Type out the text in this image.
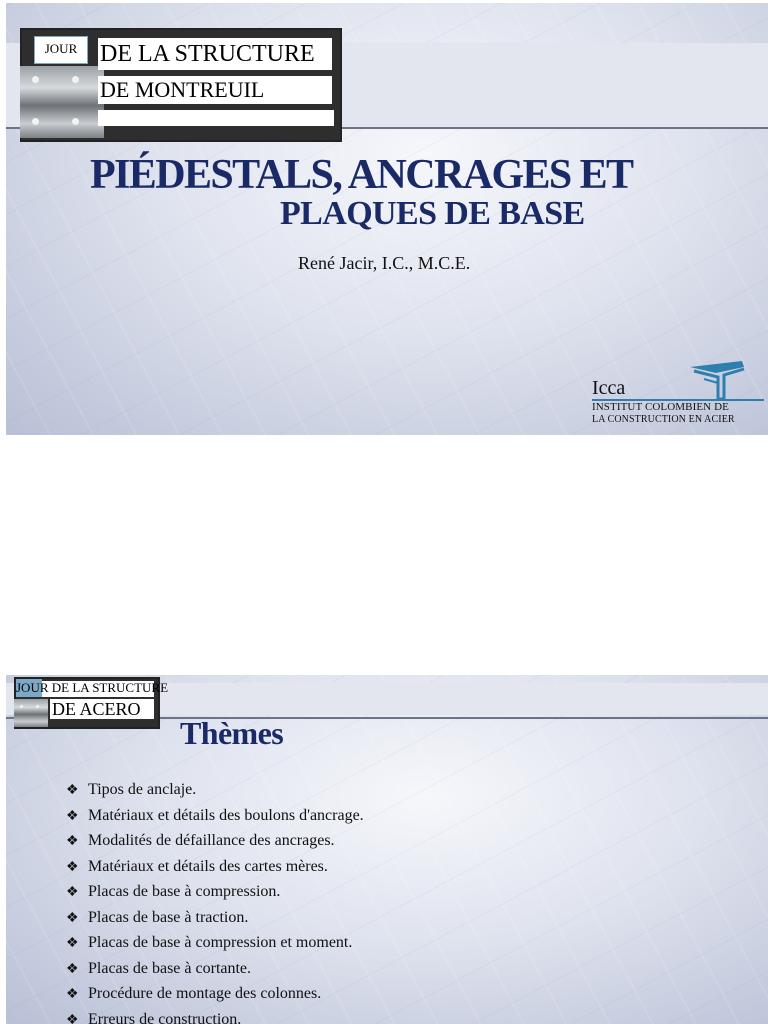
JOUR DE LA STRUCTURE
DE MONTREUIL
PIÉDESTALS, ANCRAGES ET
PLAQUES DE BASE
René Jacir, I.C., M.C.E.
Icca
INSTITUT COLOMBIEN DE
LA CONSTRUCTION EN ACIER
JOUR DE LA STRUCTURE
DE ACERO
Thèmes
❖ Tipos de anclaje.
❖ Matériaux et détails des boulons d'ancrage.
❖ Modalités de défaillance des ancrages.
❖ Matériaux et détails des cartes mères.
❖ Placas de base à compression.
❖ Placas de base à traction.
❖ Placas de base à compression et moment.
❖ Placas de base à cortante.
❖ Procédure de montage des colonnes.
❖ Erreurs de construction.
